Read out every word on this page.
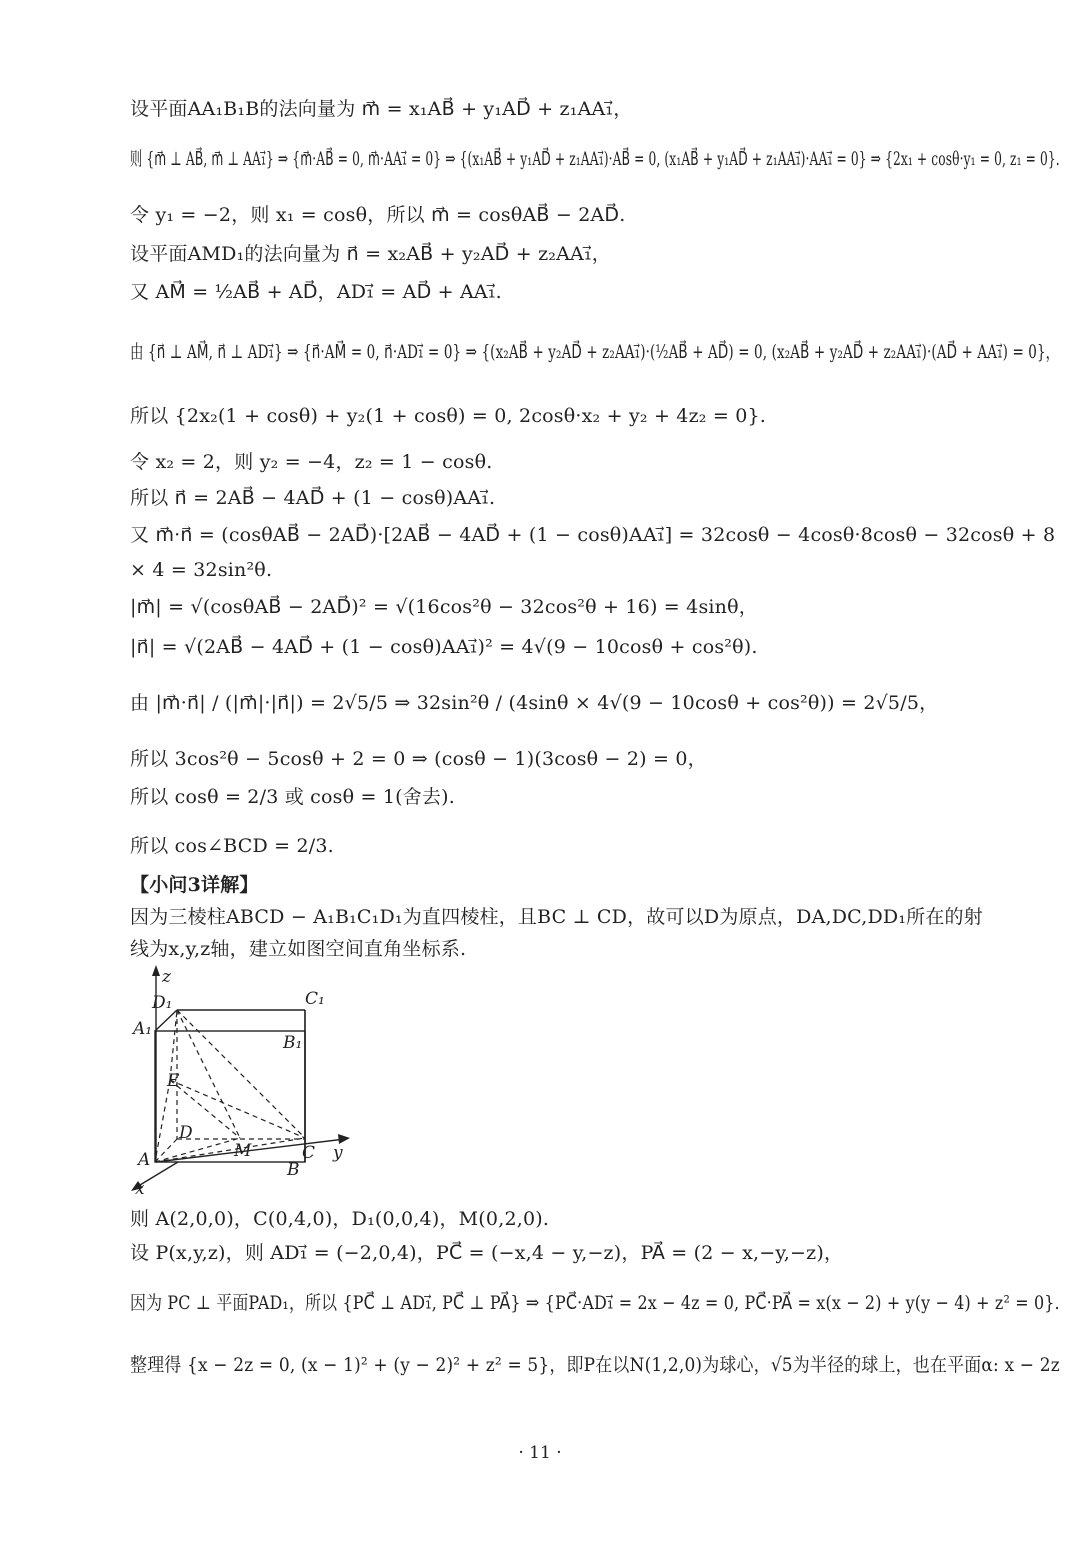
设平面AA₁B₁B的法向量为 m⃗ = x₁AB⃗ + y₁AD⃗ + z₁AA₁⃗，
则 {m⃗ ⊥ AB⃗, m⃗ ⊥ AA₁⃗} ⇒ {m⃗·AB⃗ = 0, m⃗·AA₁⃗ = 0} ⇒ {(x₁AB⃗ + y₁AD⃗ + z₁AA₁⃗)·AB⃗ = 0, (x₁AB⃗ + y₁AD⃗ + z₁AA₁⃗)·AA₁⃗ = 0} ⇒ {2x₁ + cosθ·y₁ = 0, z₁ = 0}.
令 y₁ = −2，则 x₁ = cosθ，所以 m⃗ = cosθAB⃗ − 2AD⃗.
设平面AMD₁的法向量为 n⃗ = x₂AB⃗ + y₂AD⃗ + z₂AA₁⃗，
又 AM⃗ = ½AB⃗ + AD⃗，AD₁⃗ = AD⃗ + AA₁⃗.
由 {n⃗ ⊥ AM⃗, n⃗ ⊥ AD₁⃗} ⇒ {n⃗·AM⃗ = 0, n⃗·AD₁⃗ = 0} ⇒ {(x₂AB⃗ + y₂AD⃗ + z₂AA₁⃗)·(½AB⃗ + AD⃗) = 0, (x₂AB⃗ + y₂AD⃗ + z₂AA₁⃗)·(AD⃗ + AA₁⃗) = 0}，
所以 {2x₂(1 + cosθ) + y₂(1 + cosθ) = 0, 2cosθ·x₂ + y₂ + 4z₂ = 0}.
令 x₂ = 2，则 y₂ = −4，z₂ = 1 − cosθ.
所以 n⃗ = 2AB⃗ − 4AD⃗ + (1 − cosθ)AA₁⃗.
又 m⃗·n⃗ = (cosθAB⃗ − 2AD⃗)·[2AB⃗ − 4AD⃗ + (1 − cosθ)AA₁⃗] = 32cosθ − 4cosθ·8cosθ − 32cosθ + 8
× 4 = 32sin²θ.
|m⃗| = √(cosθAB⃗ − 2AD⃗)² = √(16cos²θ − 32cos²θ + 16) = 4sinθ，
|n⃗| = √(2AB⃗ − 4AD⃗ + (1 − cosθ)AA₁⃗)² = 4√(9 − 10cosθ + cos²θ).
由 |m⃗·n⃗| / (|m⃗|·|n⃗|) = 2√5/5 ⇒ 32sin²θ / (4sinθ × 4√(9 − 10cosθ + cos²θ)) = 2√5/5，
所以 3cos²θ − 5cosθ + 2 = 0 ⇒ (cosθ − 1)(3cosθ − 2) = 0，
所以 cosθ = 2/3 或 cosθ = 1(舍去).
所以 cos∠BCD = 2/3.
【小问3详解】
因为三棱柱ABCD − A₁B₁C₁D₁为直四棱柱，且BC ⊥ CD，故可以D为原点，DA,DC,DD₁所在的射
线为x,y,z轴，建立如图空间直角坐标系.
z
x
y
D₁	C₁
A₁
B₁
E
D
A	M
B
C
则 A(2,0,0)，C(0,4,0)，D₁(0,0,4)，M(0,2,0).
设 P(x,y,z)，则 AD₁⃗ = (−2,0,4)，PC⃗ = (−x,4 − y,−z)，PA⃗ = (2 − x,−y,−z)，
因为 PC ⊥ 平面PAD₁，所以 {PC⃗ ⊥ AD₁⃗, PC⃗ ⊥ PA⃗} ⇒ {PC⃗·AD₁⃗ = 2x − 4z = 0, PC⃗·PA⃗ = x(x − 2) + y(y − 4) + z² = 0}.
整理得 {x − 2z = 0, (x − 1)² + (y − 2)² + z² = 5}，即P在以N(1,2,0)为球心，√5为半径的球上，也在平面α: x − 2z
· 11 ·
